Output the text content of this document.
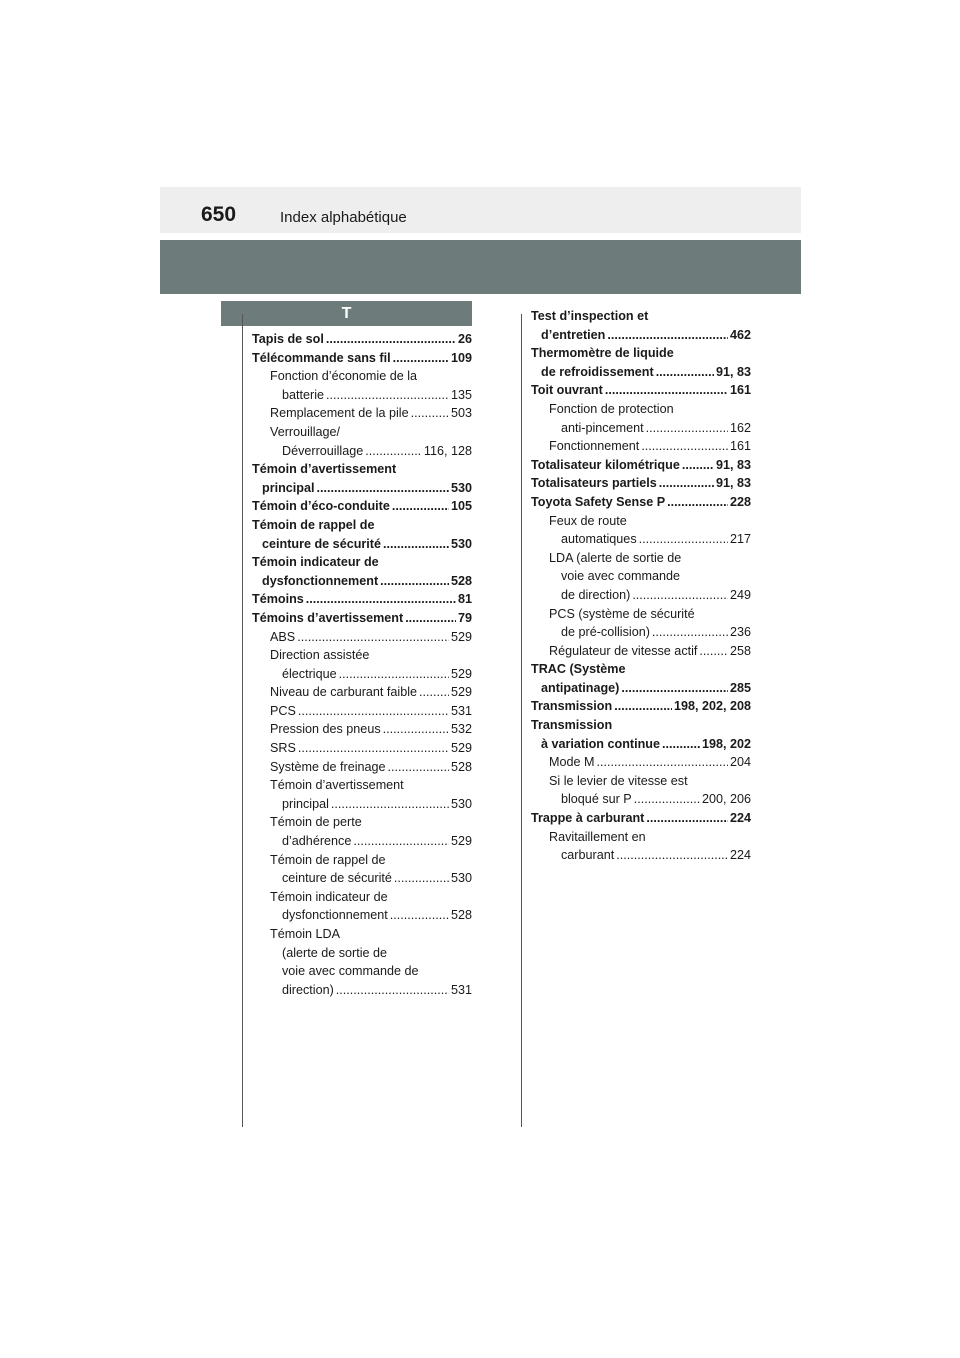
650	Index alphabétique
T
Tapis de sol .....	26
Télécommande sans fil .....	109
Fonction d’économie de la
batterie .....	135
Remplacement de la pile .....	503
Verrouillage/
Déverrouillage .....	116, 128
Témoin d’avertissement
principal .....	530
Témoin d’éco-conduite .....	105
Témoin de rappel de
ceinture de sécurité .....	530
Témoin indicateur de
dysfonctionnement .....	528
Témoins .....	81
Témoins d’avertissement .....	79
ABS .....	529
Direction assistée
électrique .....	529
Niveau de carburant faible .....	529
PCS .....	531
Pression des pneus .....	532
SRS .....	529
Système de freinage .....	528
Témoin d’avertissement
principal .....	530
Témoin de perte
d’adhérence .....	529
Témoin de rappel de
ceinture de sécurité .....	530
Témoin indicateur de
dysfonctionnement .....	528
Témoin LDA
(alerte de sortie de
voie avec commande de
direction) .....	531
Test d’inspection et
d’entretien .....	462
Thermomètre de liquide
de refroidissement .....	91, 83
Toit ouvrant .....	161
Fonction de protection
anti-pincement .....	162
Fonctionnement .....	161
Totalisateur kilométrique .....	91, 83
Totalisateurs partiels .....	91, 83
Toyota Safety Sense P .....	228
Feux de route
automatiques .....	217
LDA (alerte de sortie de
voie avec commande
de direction) .....	249
PCS (système de sécurité
de pré-collision) .....	236
Régulateur de vitesse actif .....	258
TRAC (Système
antipatinage) .....	285
Transmission .....	198, 202, 208
Transmission
à variation continue .....	198, 202
Mode M .....	204
Si le levier de vitesse est
bloqué sur P .....	200, 206
Trappe à carburant .....	224
Ravitaillement en
carburant .....	224
